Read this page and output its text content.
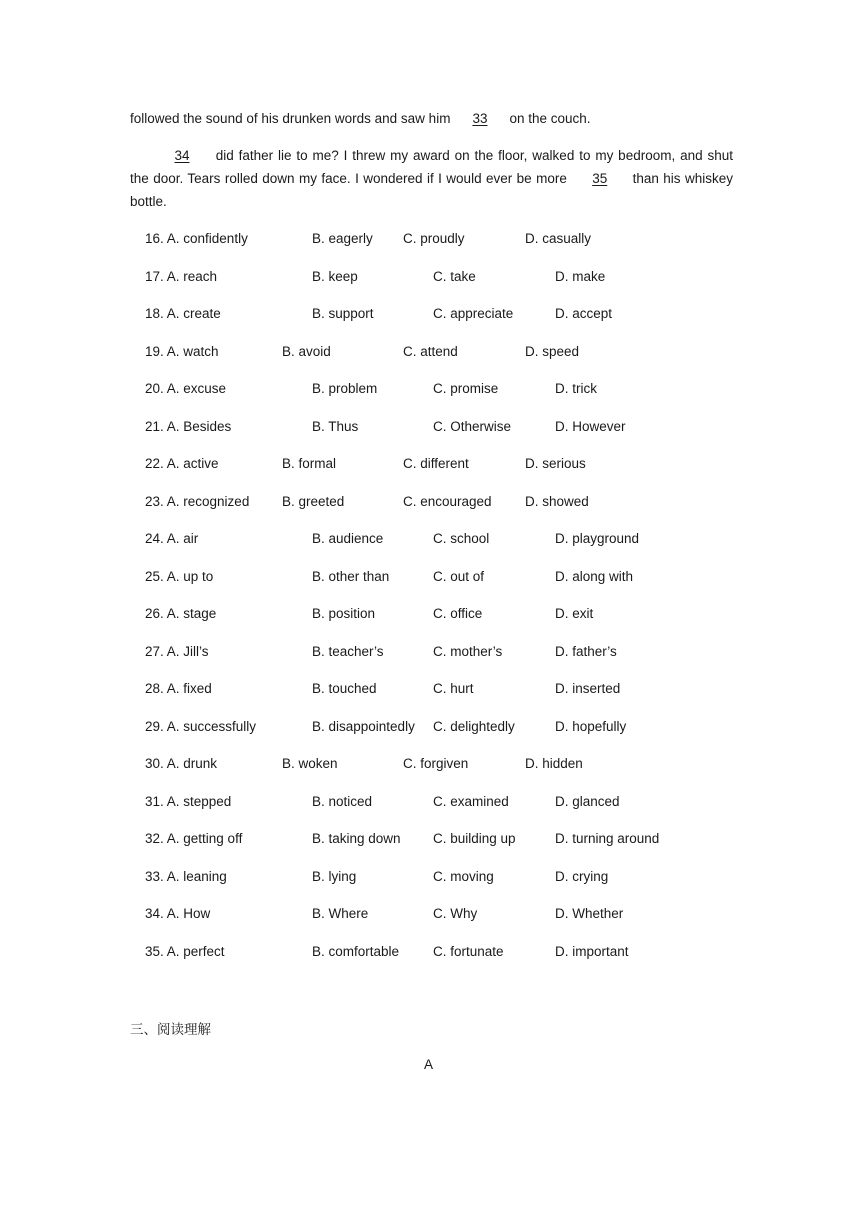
followed the sound of his drunken words and saw him 33 on the couch.
34 did father lie to me? I threw my award on the floor, walked to my bedroom, and shut the door. Tears rolled down my face. I wondered if I would ever be more 35 than his whiskey bottle.
16. A. confidently	B. eagerly C. proudly	D. casually
17. A. reach	B. keep	C. take	D. make
18. A. create	B. support	C. appreciate	D. accept
19. A. watch	B. avoid	C. attend	D. speed
20. A. excuse	B. problem	C. promise	D. trick
21. A. Besides	B. Thus	C. Otherwise	D. However
22. A. active	B. formal	C. different	D. serious
23. A. recognized B. greeted	C. encouraged D. showed
24. A. air	B. audience	C. school	D. playground
25. A. up to	B. other than	C. out of	D. along with
26. A. stage	B. position	C. office	D. exit
27. A. Jill’s	B. teacher’s	C. mother’s	D. father’s
28. A. fixed	B. touched	C. hurt	D. inserted
29. A. successfully	B. disappointedly C. delightedly	D. hopefully
30. A. drunk	B. woken	C. forgiven	D. hidden
31. A. stepped	B. noticed	C. examined	D. glanced
32. A. getting off	B. taking down C. building up	D. turning around
33. A. leaning	B. lying	C. moving	D. crying
34. A. How	B. Where	C. Why	D. Whether
35. A. perfect	B. comfortable	C. fortunate	D. important
三、阅读理解
A
